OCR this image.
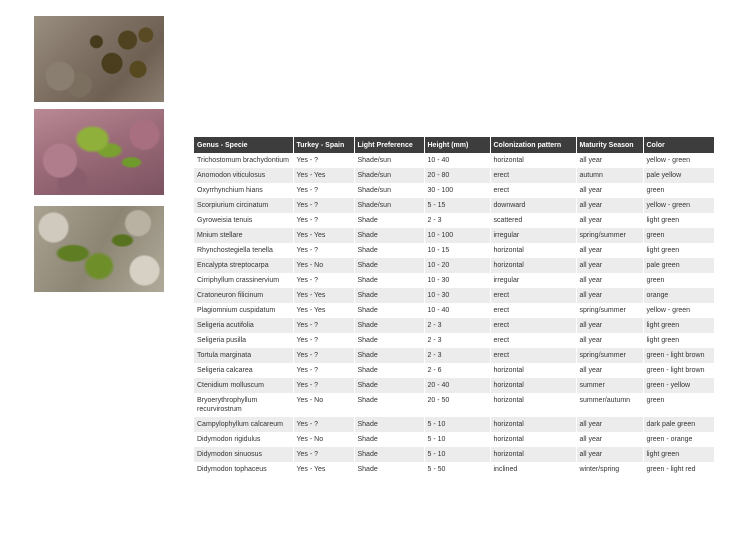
Genus - Specie	Turkey - Spain	Light Preference	Height (mm)	Colonization pattern	Maturity Season	Color
Trichostomum brachydontium	Yes - ?	Shade/sun	10 - 40	horizontal	all year	yellow - green
Anomodon viticulosus	Yes - Yes	Shade/sun	20 - 80	erect	autumn	pale yellow
Oxyrrhynchium hians	Yes - ?	Shade/sun	30 - 100	erect	all year	green
Scorpiurium circinatum	Yes - ?	Shade/sun	5 - 15	downward	all year	yellow - green
Gyroweisia tenuis	Yes - ?	Shade	2 - 3	scattered	all year	light green
Mnium stellare	Yes - Yes	Shade	10 - 100	irregular	spring/summer	green
Rhynchostegiella tenella	Yes - ?	Shade	10 - 15	horizontal	all year	light green
Encalypta streptocarpa	Yes - No	Shade	10 - 20	horizontal	all year	pale green
Cirriphyllum crassinervium	Yes - ?	Shade	10 - 30	irregular	all year	green
Cratoneuron filicinum	Yes - Yes	Shade	10 - 30	erect	all year	orange
Plagiomnium cuspidatum	Yes - Yes	Shade	10 - 40	erect	spring/summer	yellow - green
Seligeria acutifolia	Yes - ?	Shade	2 - 3	erect	all year	light green
Seligeria pusilla	Yes - ?	Shade	2 - 3	erect	all year	light green
Tortula marginata	Yes - ?	Shade	2 - 3	erect	spring/summer	green - light brown
Seligeria calcarea	Yes - ?	Shade	2 - 6	horizontal	all year	green - light brown
Ctenidium molluscum	Yes - ?	Shade	20 - 40	horizontal	summer	green - yellow
Bryoerythrophyllum recurvirostrum	Yes - No	Shade	20 - 50	horizontal	summer/autumn	green
Campylophyllum calcareum	Yes - ?	Shade	5 - 10	horizontal	all year	dark pale green
Didymodon rigidulus	Yes - No	Shade	5 - 10	horizontal	all year	green - orange
Didymodon sinuosus	Yes - ?	Shade	5 - 10	horizontal	all year	light green
Didymodon tophaceus	Yes - Yes	Shade	5 - 50	inclined	winter/spring	green - light red
